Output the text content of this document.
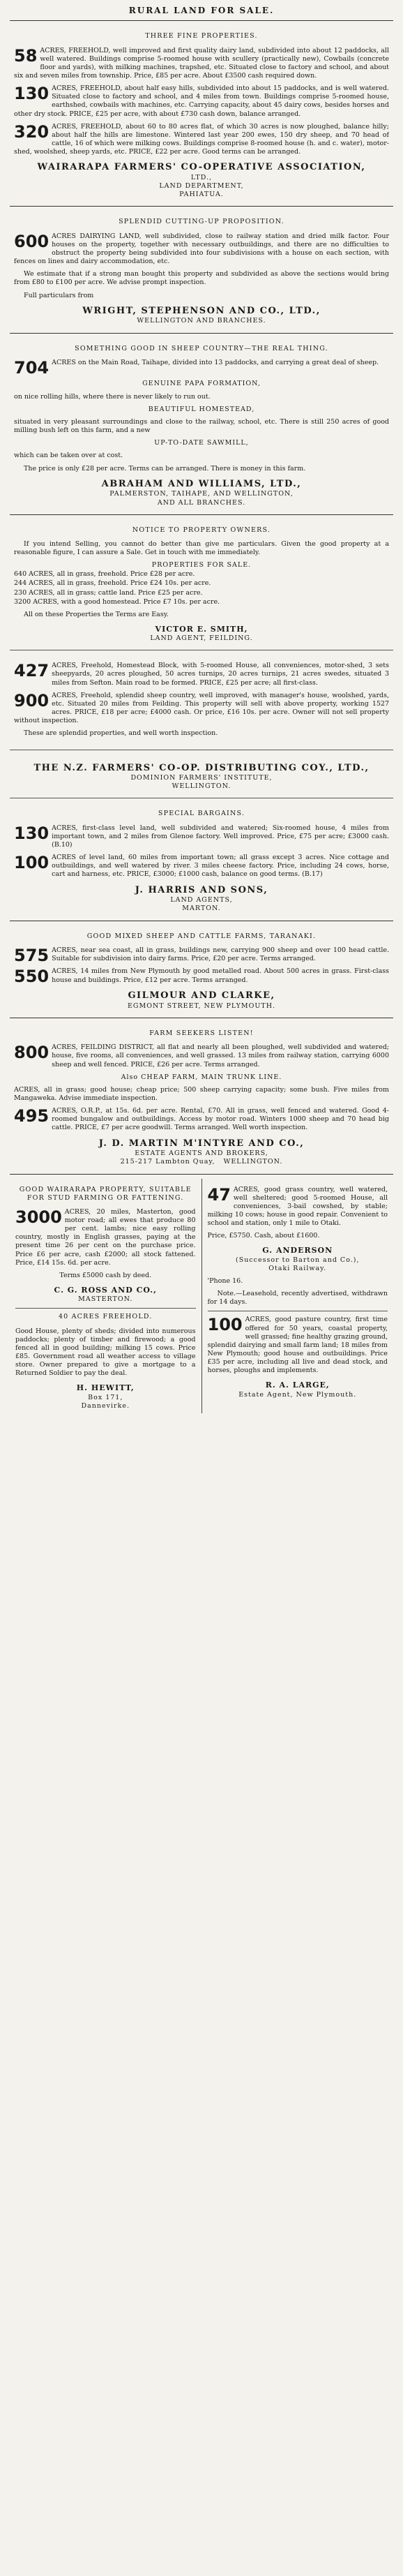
RURAL LAND FOR SALE.
THREE FINE PROPERTIES.
58 ACRES, FREEHOLD, well improved and first quality dairy land, subdivided into about 12 paddocks, all well watered. Buildings comprise 5-roomed house with scullery (practically new), Cowbails (concrete floor and yards), with milking machines, trapshed, etc. Situated close to factory and school, and about six and seven miles from township. Price, £85 per acre. About £3500 cash required down.
130 ACRES, FREEHOLD, about half easy hills, subdivided into about 15 paddocks, and is well watered. Situated close to factory and school, and 4 miles from town. Buildings comprise 5-roomed house, earthshed, cowbails with machines, etc. Carrying capacity, about 45 dairy cows, besides horses and other dry stock. PRICE, £25 per acre, with about £730 cash down, balance arranged.
320 ACRES, FREEHOLD, about 60 to 80 acres flat, of which 30 acres is now ploughed, balance hilly; about half the hills are limestone. Wintered last year 200 ewes, 150 dry sheep, and 70 head of cattle, 16 of which were milking cows. Buildings comprise 8-roomed house (h. and c. water), motor-shed, woolshed, sheep yards, etc. PRICE, £22 per acre. Good terms can be arranged.
WAIRARAPA FARMERS' CO-OPERATIVE ASSOCIATION,
LTD.,
LAND DEPARTMENT,
PAHIATUA.
SPLENDID CUTTING-UP PROPOSITION.
600 ACRES DAIRYING LAND, well subdivided, close to railway station and dried milk factor. Four houses on the property, together with necessary outbuildings, and there are no difficulties to obstruct the property being subdivided into four subdivisions with a house on each section, with fences on lines and dairy accommodation, etc.
We estimate that if a strong man bought this property and subdivided as above the sections would bring from £80 to £100 per acre. We advise prompt inspection.
Full particulars from
WRIGHT, STEPHENSON AND CO., LTD.,
WELLINGTON AND BRANCHES.
SOMETHING GOOD IN SHEEP COUNTRY—THE REAL THING.
704 ACRES on the Main Road, Taihape, divided into 13 paddocks, and carrying a great deal of sheep.
GENUINE PAPA FORMATION,
on nice rolling hills, where there is never likely to run out.
BEAUTIFUL HOMESTEAD,
situated in very pleasant surroundings and close to the railway, school, etc. There is still 250 acres of good milling bush left on this farm, and a new
UP-TO-DATE SAWMILL,
which can be taken over at cost.
The price is only £28 per acre. Terms can be arranged. There is money in this farm.
ABRAHAM AND WILLIAMS, LTD.,
PALMERSTON, TAIHAPE, AND WELLINGTON,
AND ALL BRANCHES.
NOTICE TO PROPERTY OWNERS.
If you intend Selling, you cannot do better than give me particulars. Given the good property at a reasonable figure, I can assure a Sale. Get in touch with me immediately.
PROPERTIES FOR SALE.
640 ACRES, all in grass, freehold. Price £28 per acre.
244 ACRES, all in grass, freehold. Price £24 10s. per acre.
230 ACRES, all in grass; cattle land. Price £25 per acre.
3200 ACRES, with a good homestead. Price £7 10s. per acre.
All on these Properties the Terms are Easy.
VICTOR E. SMITH,
LAND AGENT, FEILDING.
427 ACRES, Freehold, Homestead Block, with 5-roomed House, all conveniences, motor-shed, 3 sets sheepyards, 20 acres ploughed, 50 acres turnips, 20 acres turnips, 21 acres swedes, situated 3 miles from Sefton. Main road to be formed. PRICE, £25 per acre; all first-class.
900 ACRES, Freehold, splendid sheep country, well improved, with manager's house, woolshed, yards, etc. Situated 20 miles from Feilding. This property will sell with above property, working 1527 acres. PRICE, £18 per acre; £4000 cash. Or price, £16 10s. per acre. Owner will not sell property without inspection.
These are splendid properties, and well worth inspection.
THE N.Z. FARMERS' CO-OP. DISTRIBUTING COY., LTD.,
DOMINION FARMERS' INSTITUTE,
WELLINGTON.
SPECIAL BARGAINS.
130 ACRES, first-class level land, well subdivided and watered; Six-roomed house, 4 miles from important town, and 2 miles from Glenoe factory. Well improved. Price, £75 per acre; £3000 cash. (B.10)
100 ACRES of level land, 60 miles from important town; all grass except 3 acres. Nice cottage and outbuildings, and well watered by river. 3 miles cheese factory. Price, including 24 cows, horse, cart and harness, etc. PRICE, £3000; £1000 cash, balance on good terms. (B.17)
J. HARRIS AND SONS,
LAND AGENTS,
MARTON.
GOOD MIXED SHEEP AND CATTLE FARMS, TARANAKI.
575 ACRES, near sea coast, all in grass, buildings new, carrying 900 sheep and over 100 head cattle. Suitable for subdivision into dairy farms. Price, £20 per acre. Terms arranged.
550 ACRES, 14 miles from New Plymouth by good metalled road. About 500 acres in grass. First-class house and buildings. Price, £12 per acre. Terms arranged.
GILMOUR AND CLARKE,
EGMONT STREET, NEW PLYMOUTH.
FARM SEEKERS LISTEN!
800 ACRES, FEILDING DISTRICT, all flat and nearly all been ploughed, well subdivided and watered; house, five rooms, all conveniences, and well grassed. 13 miles from railway station, carrying 6000 sheep and well fenced. PRICE, £26 per acre. Terms arranged.
Also CHEAP FARM, MAIN TRUNK LINE.
ACRES, all in grass; good house; cheap price; 500 sheep carrying capacity; some bush. Five miles from Mangaweka. Advise immediate inspection.
495 ACRES, O.R.P., at 15s. 6d. per acre. Rental, £70. All in grass, well fenced and watered. Good 4-roomed bungalow and outbuildings. Access by motor road. Winters 1000 sheep and 70 head big cattle. PRICE, £7 per acre goodwill. Terms arranged. Well worth inspection.
J. D. MARTIN M'INTYRE AND CO.,
ESTATE AGENTS AND BROKERS,
215-217 Lambton Quay, WELLINGTON.
GOOD WAIRARAPA PROPERTY, SUITABLE FOR STUD FARMING OR FATTENING.
3000 ACRES, 20 miles, Masterton, good motor road; all ewes that produce 80 per cent. lambs; nice easy rolling country, mostly in English grasses, paying at the present time 26 per cent on the purchase price. Price £6 per acre, cash £2000; all stock fattened. Price, £14 15s. 6d. per acre.
Terms £5000 cash by deed.
C. G. ROSS AND CO.,
MASTERTON.
40 ACRES FREEHOLD.
Good House, plenty of sheds; divided into numerous paddocks; plenty of timber and firewood; a good fenced all in good building; milking 15 cows. Price £85. Government road all weather access to village store. Owner prepared to give a mortgage to a Returned Soldier to pay the deal.
H. HEWITT,
Box 171,
Dannevirke.
47 ACRES, good grass country, well watered, well sheltered; good 5-roomed House, all conveniences, 3-bail cowshed, by stable; milking 10 cows; house in good repair. Convenient to school and station, only 1 mile to Otaki.
Price, £5750. Cash, about £1600.
G. ANDERSON
(Successor to Barton and Co.),
Otaki Railway.
'Phone 16.
Note.—Leasehold, recently advertised, withdrawn for 14 days.
100 ACRES, good pasture country, first time offered for 50 years, coastal property, well grassed; fine healthy grazing ground, splendid dairying and small farm land; 18 miles from New Plymouth; good house and outbuildings. Price £35 per acre, including all live and dead stock, and horses, ploughs and implements.
R. A. LARGE,
Estate Agent, New Plymouth.
